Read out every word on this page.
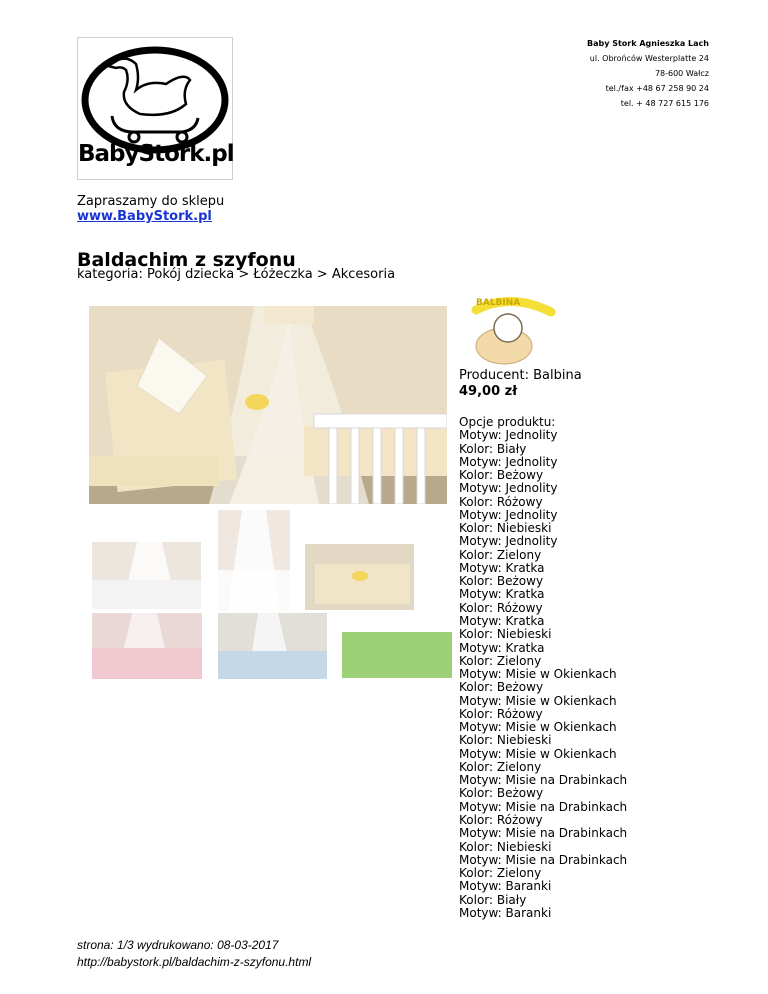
Baby Stork Agnieszka Lach
ul. Obrońców Westerplatte 24
78-600 Wałcz
tel./fax +48 67 258 90 24
tel. + 48 727 615 176
BabyStork.pl
Zapraszamy do sklepu
www.BabyStork.pl
Baldachim z szyfonu
kategoria: Pokój dziecka > Łóżeczka > Akcesoria
BALBINA
Producent: Balbina
49,00 zł
Opcje produktu:
Motyw: Jednolity
Kolor: Biały
Motyw: Jednolity
Kolor: Beżowy
Motyw: Jednolity
Kolor: Różowy
Motyw: Jednolity
Kolor: Niebieski
Motyw: Jednolity
Kolor: Zielony
Motyw: Kratka
Kolor: Beżowy
Motyw: Kratka
Kolor: Różowy
Motyw: Kratka
Kolor: Niebieski
Motyw: Kratka
Kolor: Zielony
Motyw: Misie w Okienkach
Kolor: Beżowy
Motyw: Misie w Okienkach
Kolor: Różowy
Motyw: Misie w Okienkach
Kolor: Niebieski
Motyw: Misie w Okienkach
Kolor: Zielony
Motyw: Misie na Drabinkach
Kolor: Beżowy
Motyw: Misie na Drabinkach
Kolor: Różowy
Motyw: Misie na Drabinkach
Kolor: Niebieski
Motyw: Misie na Drabinkach
Kolor: Zielony
Motyw: Baranki
Kolor: Biały
Motyw: Baranki
strona: 1/3 wydrukowano: 08-03-2017
http://babystork.pl/baldachim-z-szyfonu.html
